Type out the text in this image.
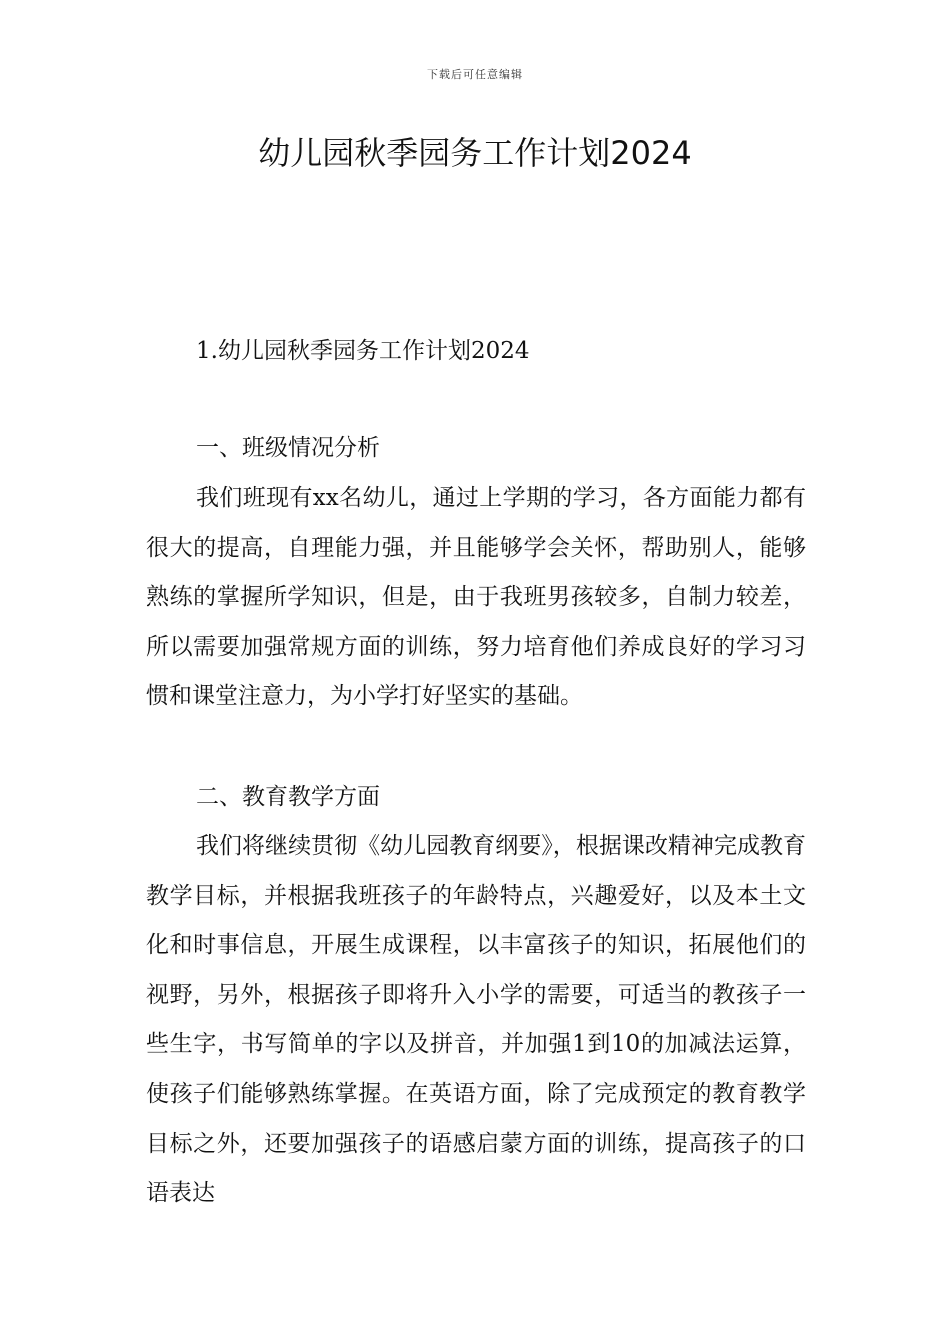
下载后可任意编辑
幼儿园秋季园务工作计划2024

1.幼儿园秋季园务工作计划2024

一、班级情况分析

我们班现有xx名幼儿，通过上学期的学习，各方面能力都有很大的提高，自理能力强，并且能够学会关怀，帮助别人，能够熟练的掌握所学知识，但是，由于我班男孩较多，自制力较差，所以需要加强常规方面的训练，努力培育他们养成良好的学习习惯和课堂注意力，为小学打好坚实的基础。

二、教育教学方面

我们将继续贯彻《幼儿园教育纲要》，根据课改精神完成教育教学目标，并根据我班孩子的年龄特点，兴趣爱好，以及本土文化和时事信息，开展生成课程，以丰富孩子的知识，拓展他们的视野，另外，根据孩子即将升入小学的需要，可适当的教孩子一些生字，书写简单的字以及拼音，并加强1到10的加减法运算，使孩子们能够熟练掌握。在英语方面，除了完成预定的教育教学目标之外，还要加强孩子的语感启蒙方面的训练，提高孩子的口语表达
